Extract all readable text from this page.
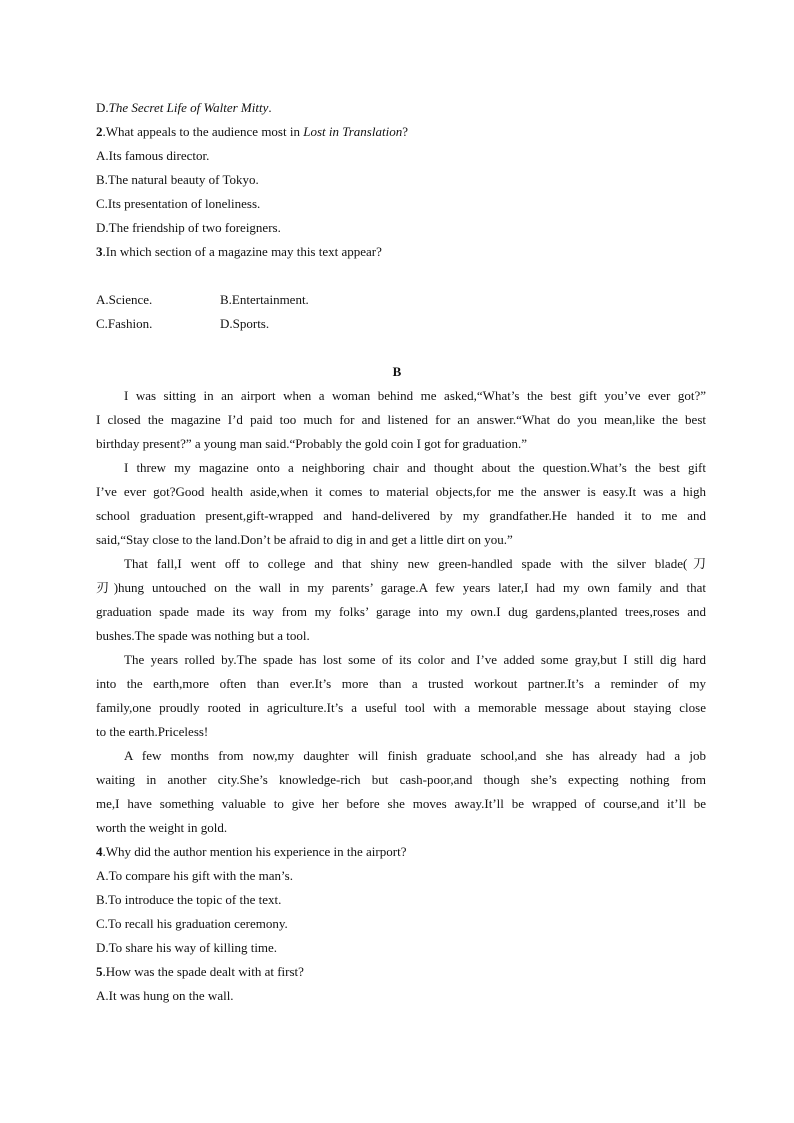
D.The Secret Life of Walter Mitty.
2.What appeals to the audience most in Lost in Translation?
A.Its famous director.
B.The natural beauty of Tokyo.
C.Its presentation of loneliness.
D.The friendship of two foreigners.
3.In which section of a magazine may this text appear?
A.Science.	B.Entertainment.
C.Fashion.	D.Sports.
B
I was sitting in an airport when a woman behind me asked,“What’s the best gift you’ve ever got?”
I closed the magazine I’d paid too much for and listened for an answer.“What do you mean,like the best
birthday present?” a young man said.“Probably the gold coin I got for graduation.”
I threw my magazine onto a neighboring chair and thought about the question.What’s the best gift
I’ve ever got?Good health aside,when it comes to material objects,for me the answer is easy.It was a high
school graduation present,gift-wrapped and hand-delivered by my grandfather.He handed it to me and
said,“Stay close to the land.Don’t be afraid to dig in and get a little dirt on you.”
That fall,I went off to college and that shiny new green-handled spade with the silver blade(刀
刃)hung untouched on the wall in my parents’ garage.A few years later,I had my own family and that
graduation spade made its way from my folks’ garage into my own.I dug gardens,planted trees,roses and
bushes.The spade was nothing but a tool.
The years rolled by.The spade has lost some of its color and I’ve added some gray,but I still dig hard
into the earth,more often than ever.It’s more than a trusted workout partner.It’s a reminder of my
family,one proudly rooted in agriculture.It’s a useful tool with a memorable message about staying close
to the earth.Priceless!
A few months from now,my daughter will finish graduate school,and she has already had a job
waiting in another city.She’s knowledge-rich but cash-poor,and though she’s expecting nothing from
me,I have something valuable to give her before she moves away.It’ll be wrapped of course,and it’ll be
worth the weight in gold.
4.Why did the author mention his experience in the airport?
A.To compare his gift with the man’s.
B.To introduce the topic of the text.
C.To recall his graduation ceremony.
D.To share his way of killing time.
5.How was the spade dealt with at first?
A.It was hung on the wall.
